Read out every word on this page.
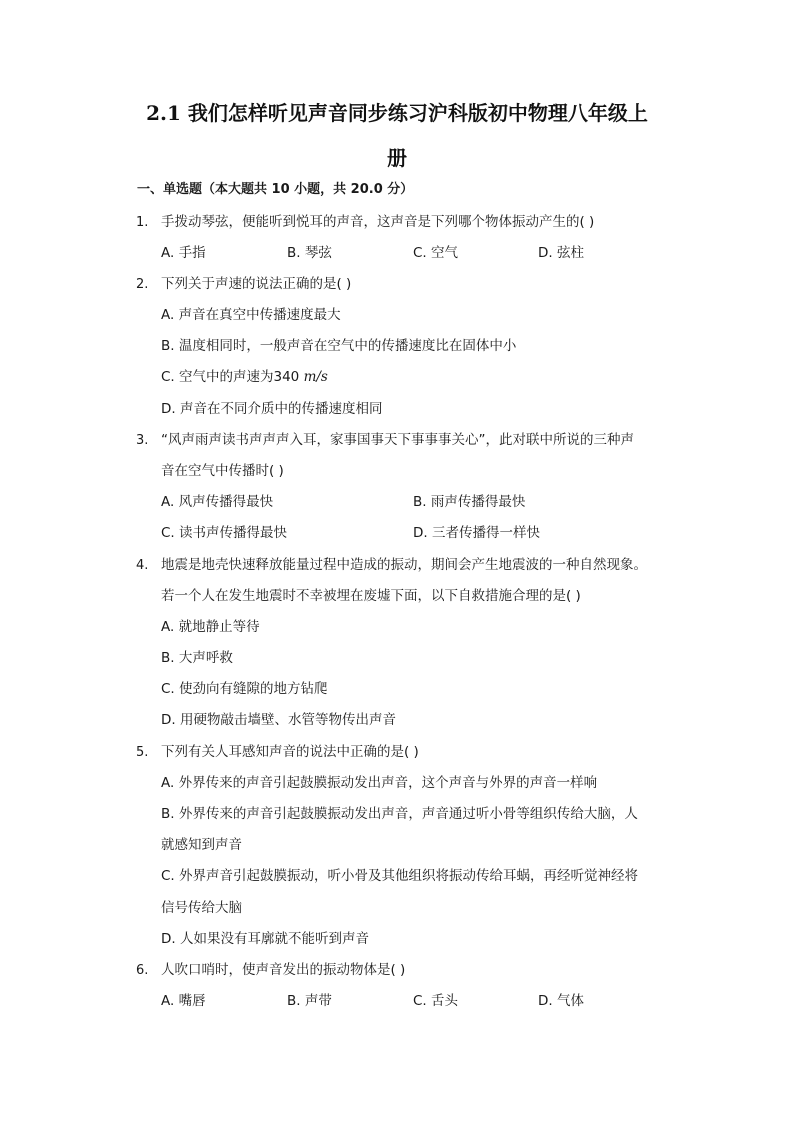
2.1 我们怎样听见声音同步练习沪科版初中物理八年级上
册
一、单选题（本大题共 10 小题，共 20.0 分）
1. 手拨动琴弦，便能听到悦耳的声音，这声音是下列哪个物体振动产生的( )
A. 手指	B. 琴弦	C. 空气	D. 弦柱
2. 下列关于声速的说法正确的是( )
A. 声音在真空中传播速度最大
B. 温度相同时，一般声音在空气中的传播速度比在固体中小
C. 空气中的声速为340 m/s
D. 声音在不同介质中的传播速度相同
3. “风声雨声读书声声声入耳，家事国事天下事事事关心”，此对联中所说的三种声
音在空气中传播时( )
A. 风声传播得最快	B. 雨声传播得最快
C. 读书声传播得最快	D. 三者传播得一样快
4. 地震是地壳快速释放能量过程中造成的振动，期间会产生地震波的一种自然现象。
若一个人在发生地震时不幸被埋在废墟下面，以下自救措施合理的是( )
A. 就地静止等待
B. 大声呼救
C. 使劲向有缝隙的地方钻爬
D. 用硬物敲击墙壁、水管等物传出声音
5. 下列有关人耳感知声音的说法中正确的是( )
A. 外界传来的声音引起鼓膜振动发出声音，这个声音与外界的声音一样响
B. 外界传来的声音引起鼓膜振动发出声音，声音通过听小骨等组织传给大脑，人
就感知到声音
C. 外界声音引起鼓膜振动，听小骨及其他组织将振动传给耳蜗，再经听觉神经将
信号传给大脑
D. 人如果没有耳廓就不能听到声音
6. 人吹口哨时，使声音发出的振动物体是( )
A. 嘴唇	B. 声带	C. 舌头	D. 气体
